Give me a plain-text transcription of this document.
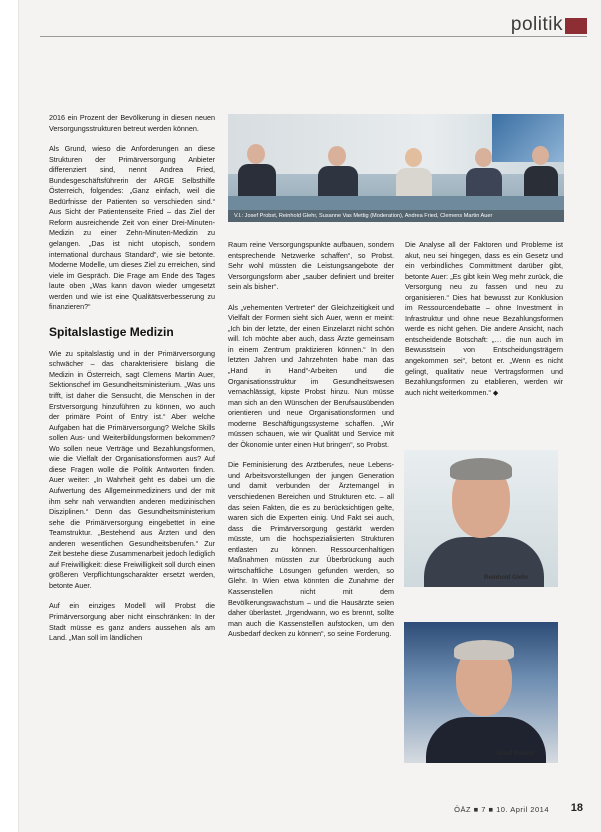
politik

2016 ein Prozent der Bevölkerung in diesen neuen Versorgungsstrukturen betreut werden können.

Als Grund, wieso die Anforderungen an diese Strukturen der Primärversorgung Anbieter differenziert sind, nennt Andrea Fried, Bundesgeschäftsführerin der ARGE Selbsthilfe Österreich, folgendes: „Ganz einfach, weil die Bedürfnisse der Patienten so verschieden sind.“ Aus Sicht der Patientenseite Fried – das Ziel der Reform ausreichende Zeit von einer Drei-Minuten-Medizin zu einer Zehn-Minuten-Medizin zu gelangen. „Das ist nicht utopisch, sondern international durchaus Standard“, wie sie betonte. Moderne Modelle, um dieses Ziel zu erreichen, sind viele im Gespräch. Die Frage am Ende des Tages laute oben „Was kann davon wieder umgesetzt werden und wie ist eine Qualitätsverbesserung zu finanzieren?“

Spitalslastige Medizin

Wie zu spitalslastig und in der Primärversorgung schwächer – das charakterisiere bislang die Medizin in Österreich, sagt Clemens Martin Auer, Sektionschef im Gesundheitsministerium. „Was uns trifft, ist daher die Sensucht, die Menschen in der Erstversorgung hinzuführen zu können, wo auch der primäre Point of Entry ist.“ Aber welche Aufgaben hat die Primärversorgung? Welche Skills sollen Aus- und Weiterbildungsformen bekommen? Wo sollen neue Verträge und Bezahlungsformen, wie die Vielfalt der Organisationsformen aus? Auf diese Fragen wolle die Politik Antworten finden. Auer weiter: „In Wahrheit geht es dabei um die Aufwertung des Allgemeinmediziners und der mit ihm sehr nah verwandten anderen medizinischen Disziplinen.“ Denn das Gesundheitsministerium sehe die Primärversorgung eingebettet in eine Teamstruktur. „Bestehend aus Ärzten und den anderen wesentlichen Gesundheitsberufen.“ Zur Zeit bestehe diese Zusammenarbeit jedoch lediglich auf Freiwilligkeit: diese Freiwilligkeit soll durch einen größeren Verpflichtungscharakter ersetzt werden, betonte Auer.

Auf ein einziges Modell will Probst die Primärversorgung aber nicht einschränken: In der Stadt müsse es ganz anders aussehen als am Land. „Man soll im ländlichen

V.l.: Josef Probst, Reinhold Glehr, Susanne Vas Mettig (Moderation), Andrea Fried, Clemens Martin Auer

Raum reine Versorgungspunkte aufbauen, sondern entsprechende Netzwerke schaffen“, so Probst. Sehr wohl müssten die Leistungsangebote der Versorgungsform aber „sauber definiert und breiter sein als bisher“.

Als „vehementen Vertreter“ der Gleichzeitigkeit und Vielfalt der Formen sieht sich Auer, wenn er meint: „Ich bin der letzte, der einen Einzelarzt nicht schön will. Ich möchte aber auch, dass Ärzte gemeinsam in einem Zentrum praktizieren können.“ In den letzten Jahren und Jahrzehnten habe man das „Hand in Hand“-Arbeiten und die Organisationsstruktur im Gesundheitswesen vernachlässigt, kipste Probst hinzu. Nun müsse man sich an den Wünschen der Berufsausübenden orientieren und neue Organisationsformen und moderne Beschäftigungssysteme schaffen. „Wir müssen schauen, wie wir Qualität und Service mit der Ökonomie unter einen Hut bringen“, so Probst.

Die Feminisierung des Arztberufes, neue Lebens- und Arbeitsvorstellungen der jungen Generation und damit verbunden der Ärztemangel in verschiedenen Bereichen und Strukturen etc. – all das seien Fakten, die es zu berücksichtigen gelte, waren sich die Experten einig. Und Fakt sei auch, dass die Primärversorgung gestärkt werden müsste, um die hochspezialisierten Strukturen entlasten zu können. Ressourcenhaltigen Maßnahmen müssten zur Überbrückung auch wirtschaftliche Lösungen gefunden werden, so Glehr. In Wien etwa könnten die Zunahme der Kassenstellen nicht mit dem Bevölkerungswachstum – und die Hausärzte seien daher überlastet. „Irgendwann, wo es brennt, sollte man auch die Kassenstellen aufstocken, um den Ausbedarf decken zu können“, so seine Forderung.

Die Analyse all der Faktoren und Probleme ist akut, neu sei hingegen, dass es ein Gesetz und ein verbindliches Committment darüber gibt, betonte Auer: „Es gibt kein Weg mehr zurück, die Versorgung neu zu fassen und neu zu organisieren.“ Dies hat bewusst zur Konklusion im Ressourcendebatte – ohne Investment in Infrastruktur und ohne neue Bezahlungsformen werde es nicht gehen. Die andere Ansicht, nach entscheidende Botschaft: „… die nun auch im Bewusstsein von Entscheidungsträgern angekommen sei“, betont er. „Wenn es nicht gelingt, qualitativ neue Vertragsformen und Bezahlungsformen zu etablieren, werden wir auch nicht weiterkommen.“ ◆

Reinhold Glehr
Josef Probst
ÖÄZ ■ 7 ■ 10. April 2014 18
